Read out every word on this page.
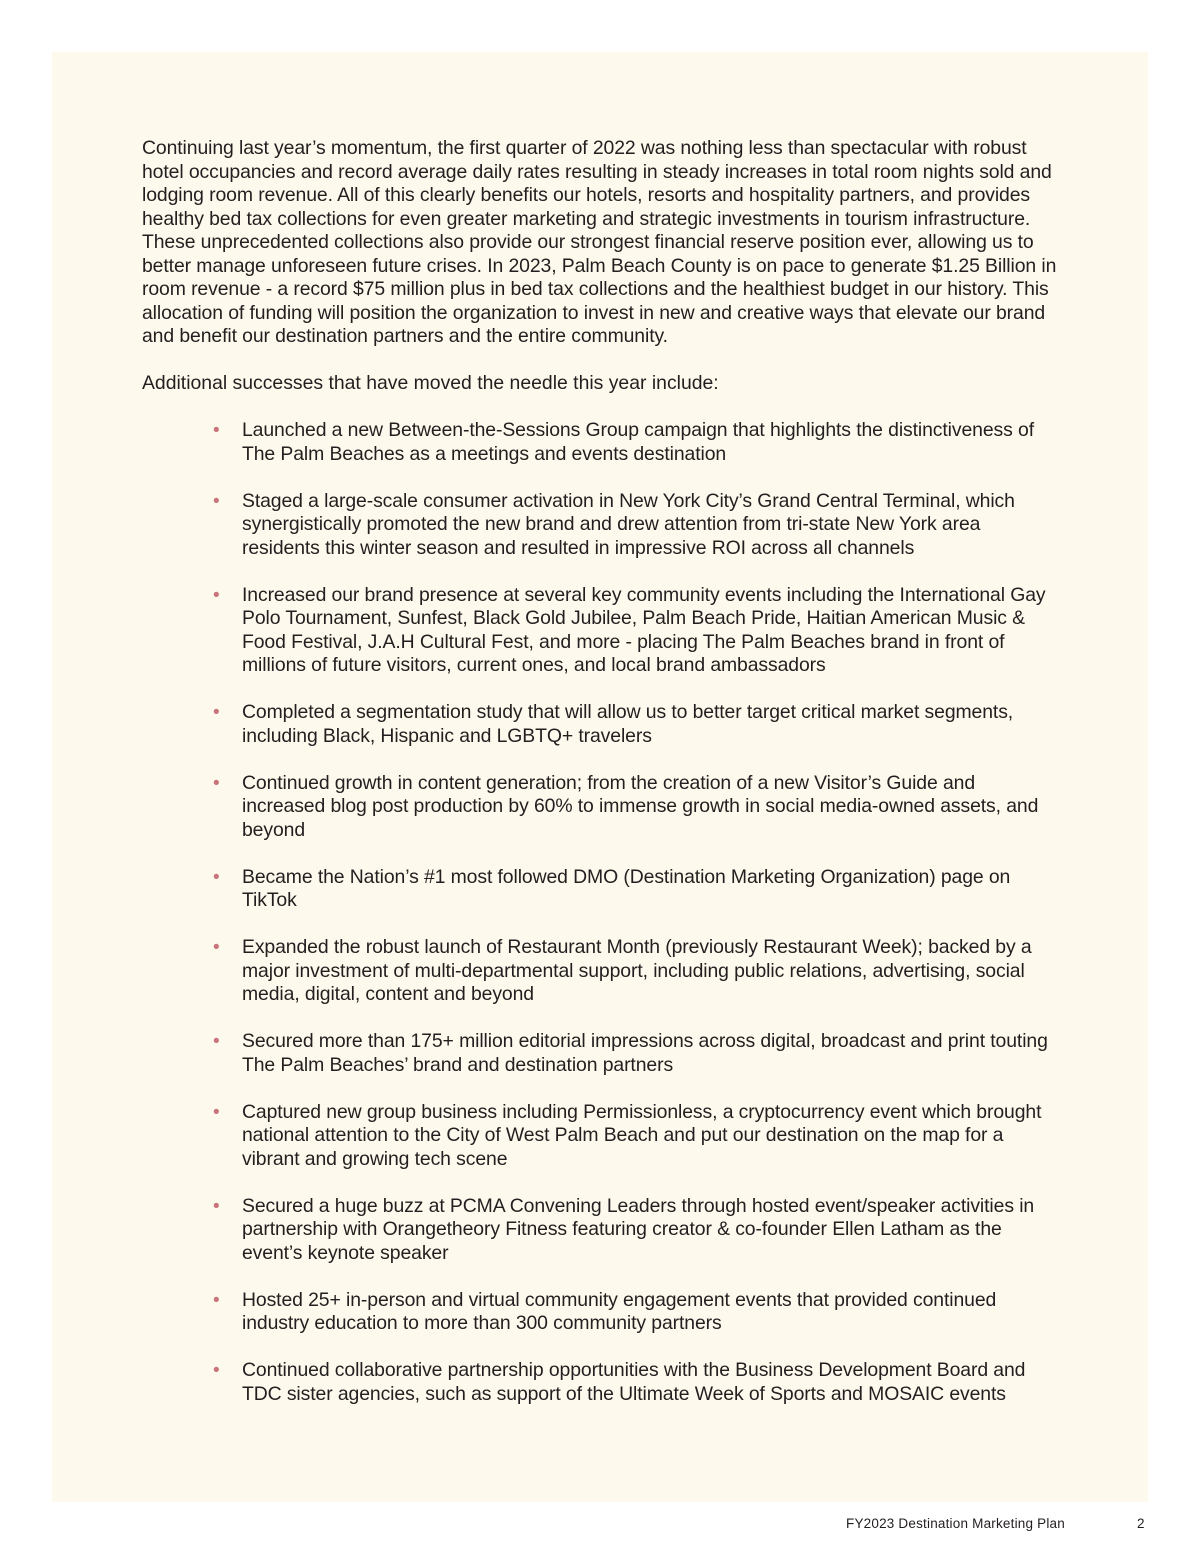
Continuing last year’s momentum, the first quarter of 2022 was nothing less than spectacular with robust hotel occupancies and record average daily rates resulting in steady increases in total room nights sold and lodging room revenue. All of this clearly benefits our hotels, resorts and hospitality partners, and provides healthy bed tax collections for even greater marketing and strategic investments in tourism infrastructure. These unprecedented collections also provide our strongest financial reserve position ever, allowing us to better manage unforeseen future crises. In 2023, Palm Beach County is on pace to generate $1.25 Billion in room revenue - a record $75 million plus in bed tax collections and the healthiest budget in our history. This allocation of funding will position the organization to invest in new and creative ways that elevate our brand and benefit our destination partners and the entire community.

Additional successes that have moved the needle this year include:

• Launched a new Between-the-Sessions Group campaign that highlights the distinctiveness of The Palm Beaches as a meetings and events destination
• Staged a large-scale consumer activation in New York City’s Grand Central Terminal, which synergistically promoted the new brand and drew attention from tri-state New York area residents this winter season and resulted in impressive ROI across all channels
• Increased our brand presence at several key community events including the International Gay Polo Tournament, Sunfest, Black Gold Jubilee, Palm Beach Pride, Haitian American Music & Food Festival, J.A.H Cultural Fest, and more - placing The Palm Beaches brand in front of millions of future visitors, current ones, and local brand ambassadors
• Completed a segmentation study that will allow us to better target critical market segments, including Black, Hispanic and LGBTQ+ travelers
• Continued growth in content generation; from the creation of a new Visitor’s Guide and increased blog post production by 60% to immense growth in social media-owned assets, and beyond
• Became the Nation’s #1 most followed DMO (Destination Marketing Organization) page on TikTok
• Expanded the robust launch of Restaurant Month (previously Restaurant Week); backed by a major investment of multi-departmental support, including public relations, advertising, social media, digital, content and beyond
• Secured more than 175+ million editorial impressions across digital, broadcast and print touting The Palm Beaches’ brand and destination partners
• Captured new group business including Permissionless, a cryptocurrency event which brought national attention to the City of West Palm Beach and put our destination on the map for a vibrant and growing tech scene
• Secured a huge buzz at PCMA Convening Leaders through hosted event/speaker activities in partnership with Orangetheory Fitness featuring creator & co-founder Ellen Latham as the event’s keynote speaker
• Hosted 25+ in-person and virtual community engagement events that provided continued industry education to more than 300 community partners
• Continued collaborative partnership opportunities with the Business Development Board and TDC sister agencies, such as support of the Ultimate Week of Sports and MOSAIC events
FY2023 Destination Marketing Plan	2
